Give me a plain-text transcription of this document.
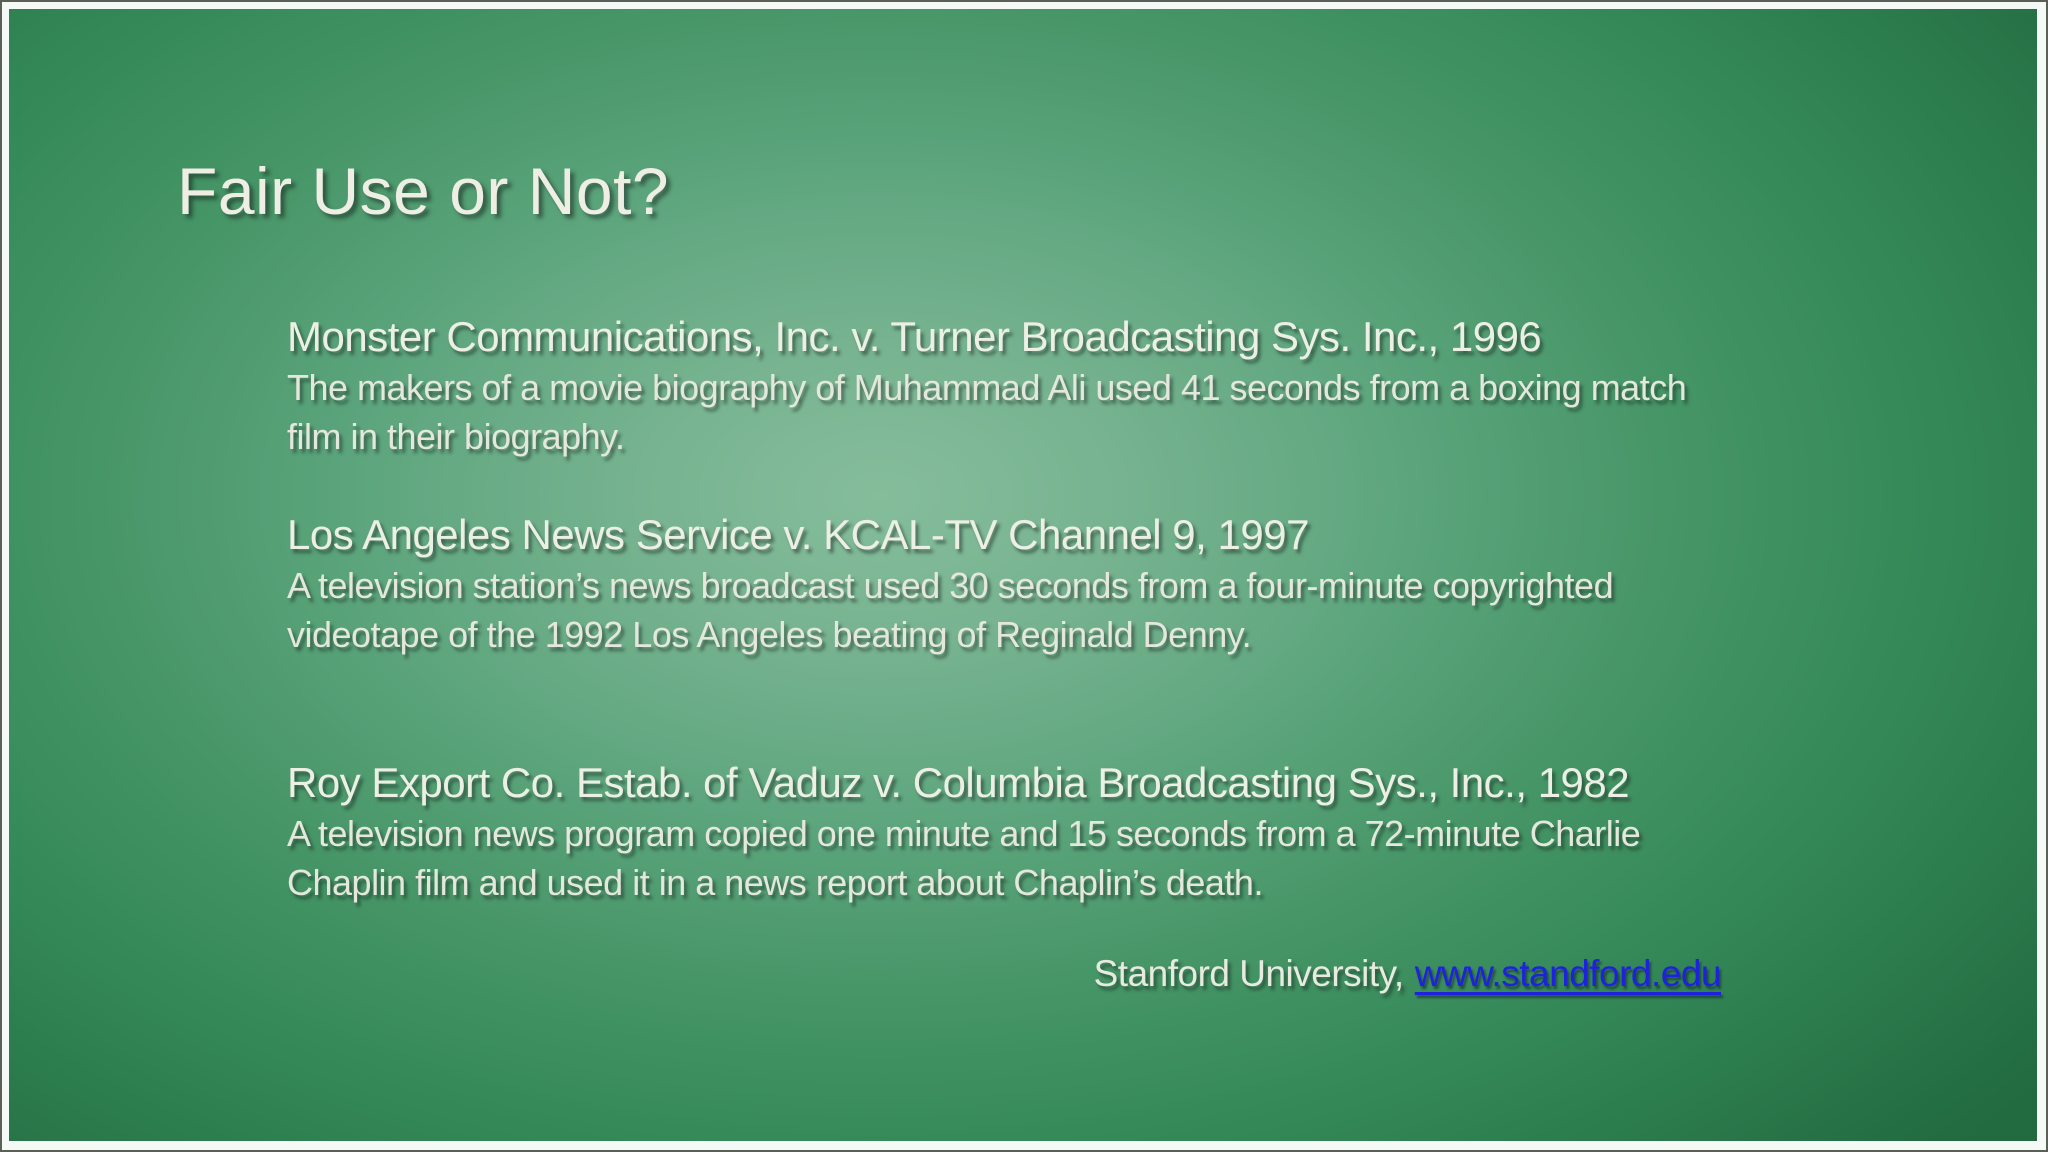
Fair Use or Not?
Monster Communications, Inc. v. Turner Broadcasting Sys. Inc., 1996
The makers of a movie biography of Muhammad Ali used 41 seconds from a boxing match
film in their biography.
Los Angeles News Service v. KCAL-TV Channel 9, 1997
A television station’s news broadcast used 30 seconds from a four-minute copyrighted
videotape of the 1992 Los Angeles beating of Reginald Denny.
Roy Export Co. Estab. of Vaduz v. Columbia Broadcasting Sys., Inc., 1982
A television news program copied one minute and 15 seconds from a 72-minute Charlie
Chaplin film and used it in a news report about Chaplin’s death.
Stanford University, www.standford.edu
